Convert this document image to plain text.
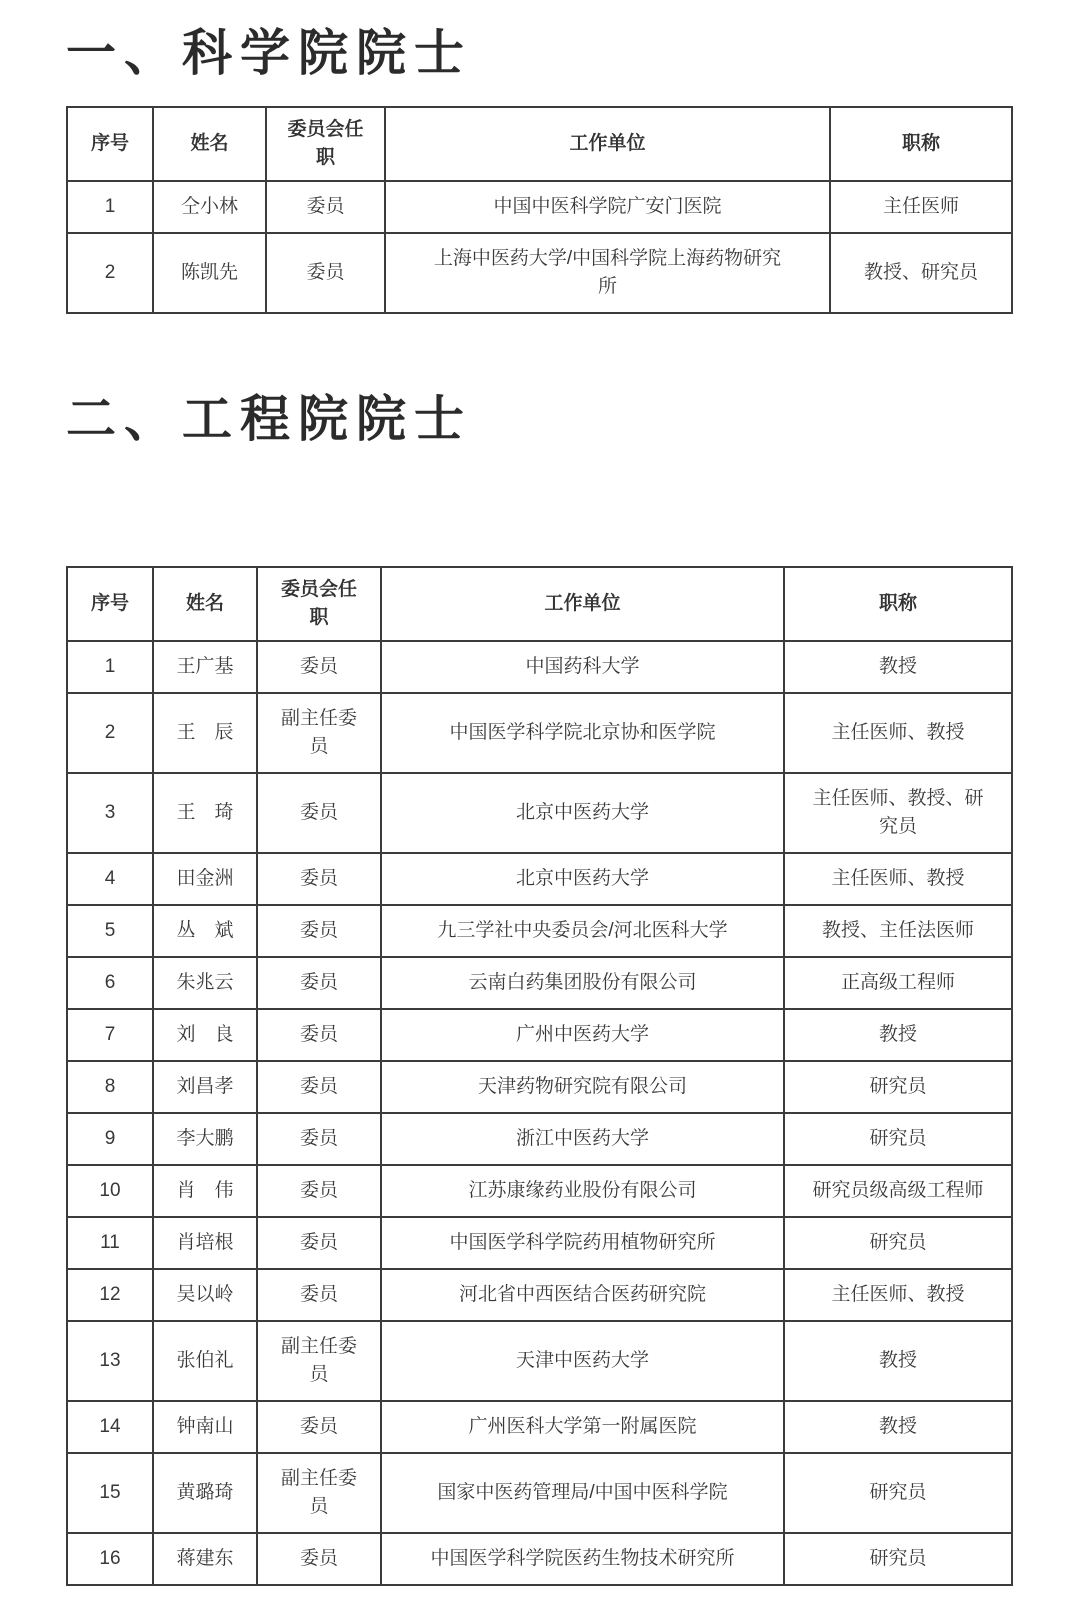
一、科学院院士
序号	姓名	委员会任职	工作单位	职称
1	仝小林	委员	中国中医科学院广安门医院	主任医师
2	陈凯先	委员	上海中医药大学/中国科学院上海药物研究所	教授、研究员
二、工程院院士
序号	姓名	委员会任职	工作单位	职称
1	王广基	委员	中国药科大学	教授
2	王　辰	副主任委员	中国医学科学院北京协和医学院	主任医师、教授
3	王　琦	委员	北京中医药大学	主任医师、教授、研究员
4	田金洲	委员	北京中医药大学	主任医师、教授
5	丛　斌	委员	九三学社中央委员会/河北医科大学	教授、主任法医师
6	朱兆云	委员	云南白药集团股份有限公司	正高级工程师
7	刘　良	委员	广州中医药大学	教授
8	刘昌孝	委员	天津药物研究院有限公司	研究员
9	李大鹏	委员	浙江中医药大学	研究员
10	肖　伟	委员	江苏康缘药业股份有限公司	研究员级高级工程师
11	肖培根	委员	中国医学科学院药用植物研究所	研究员
12	吴以岭	委员	河北省中西医结合医药研究院	主任医师、教授
13	张伯礼	副主任委员	天津中医药大学	教授
14	钟南山	委员	广州医科大学第一附属医院	教授
15	黄璐琦	副主任委员	国家中医药管理局/中国中医科学院	研究员
16	蒋建东	委员	中国医学科学院医药生物技术研究所	研究员
